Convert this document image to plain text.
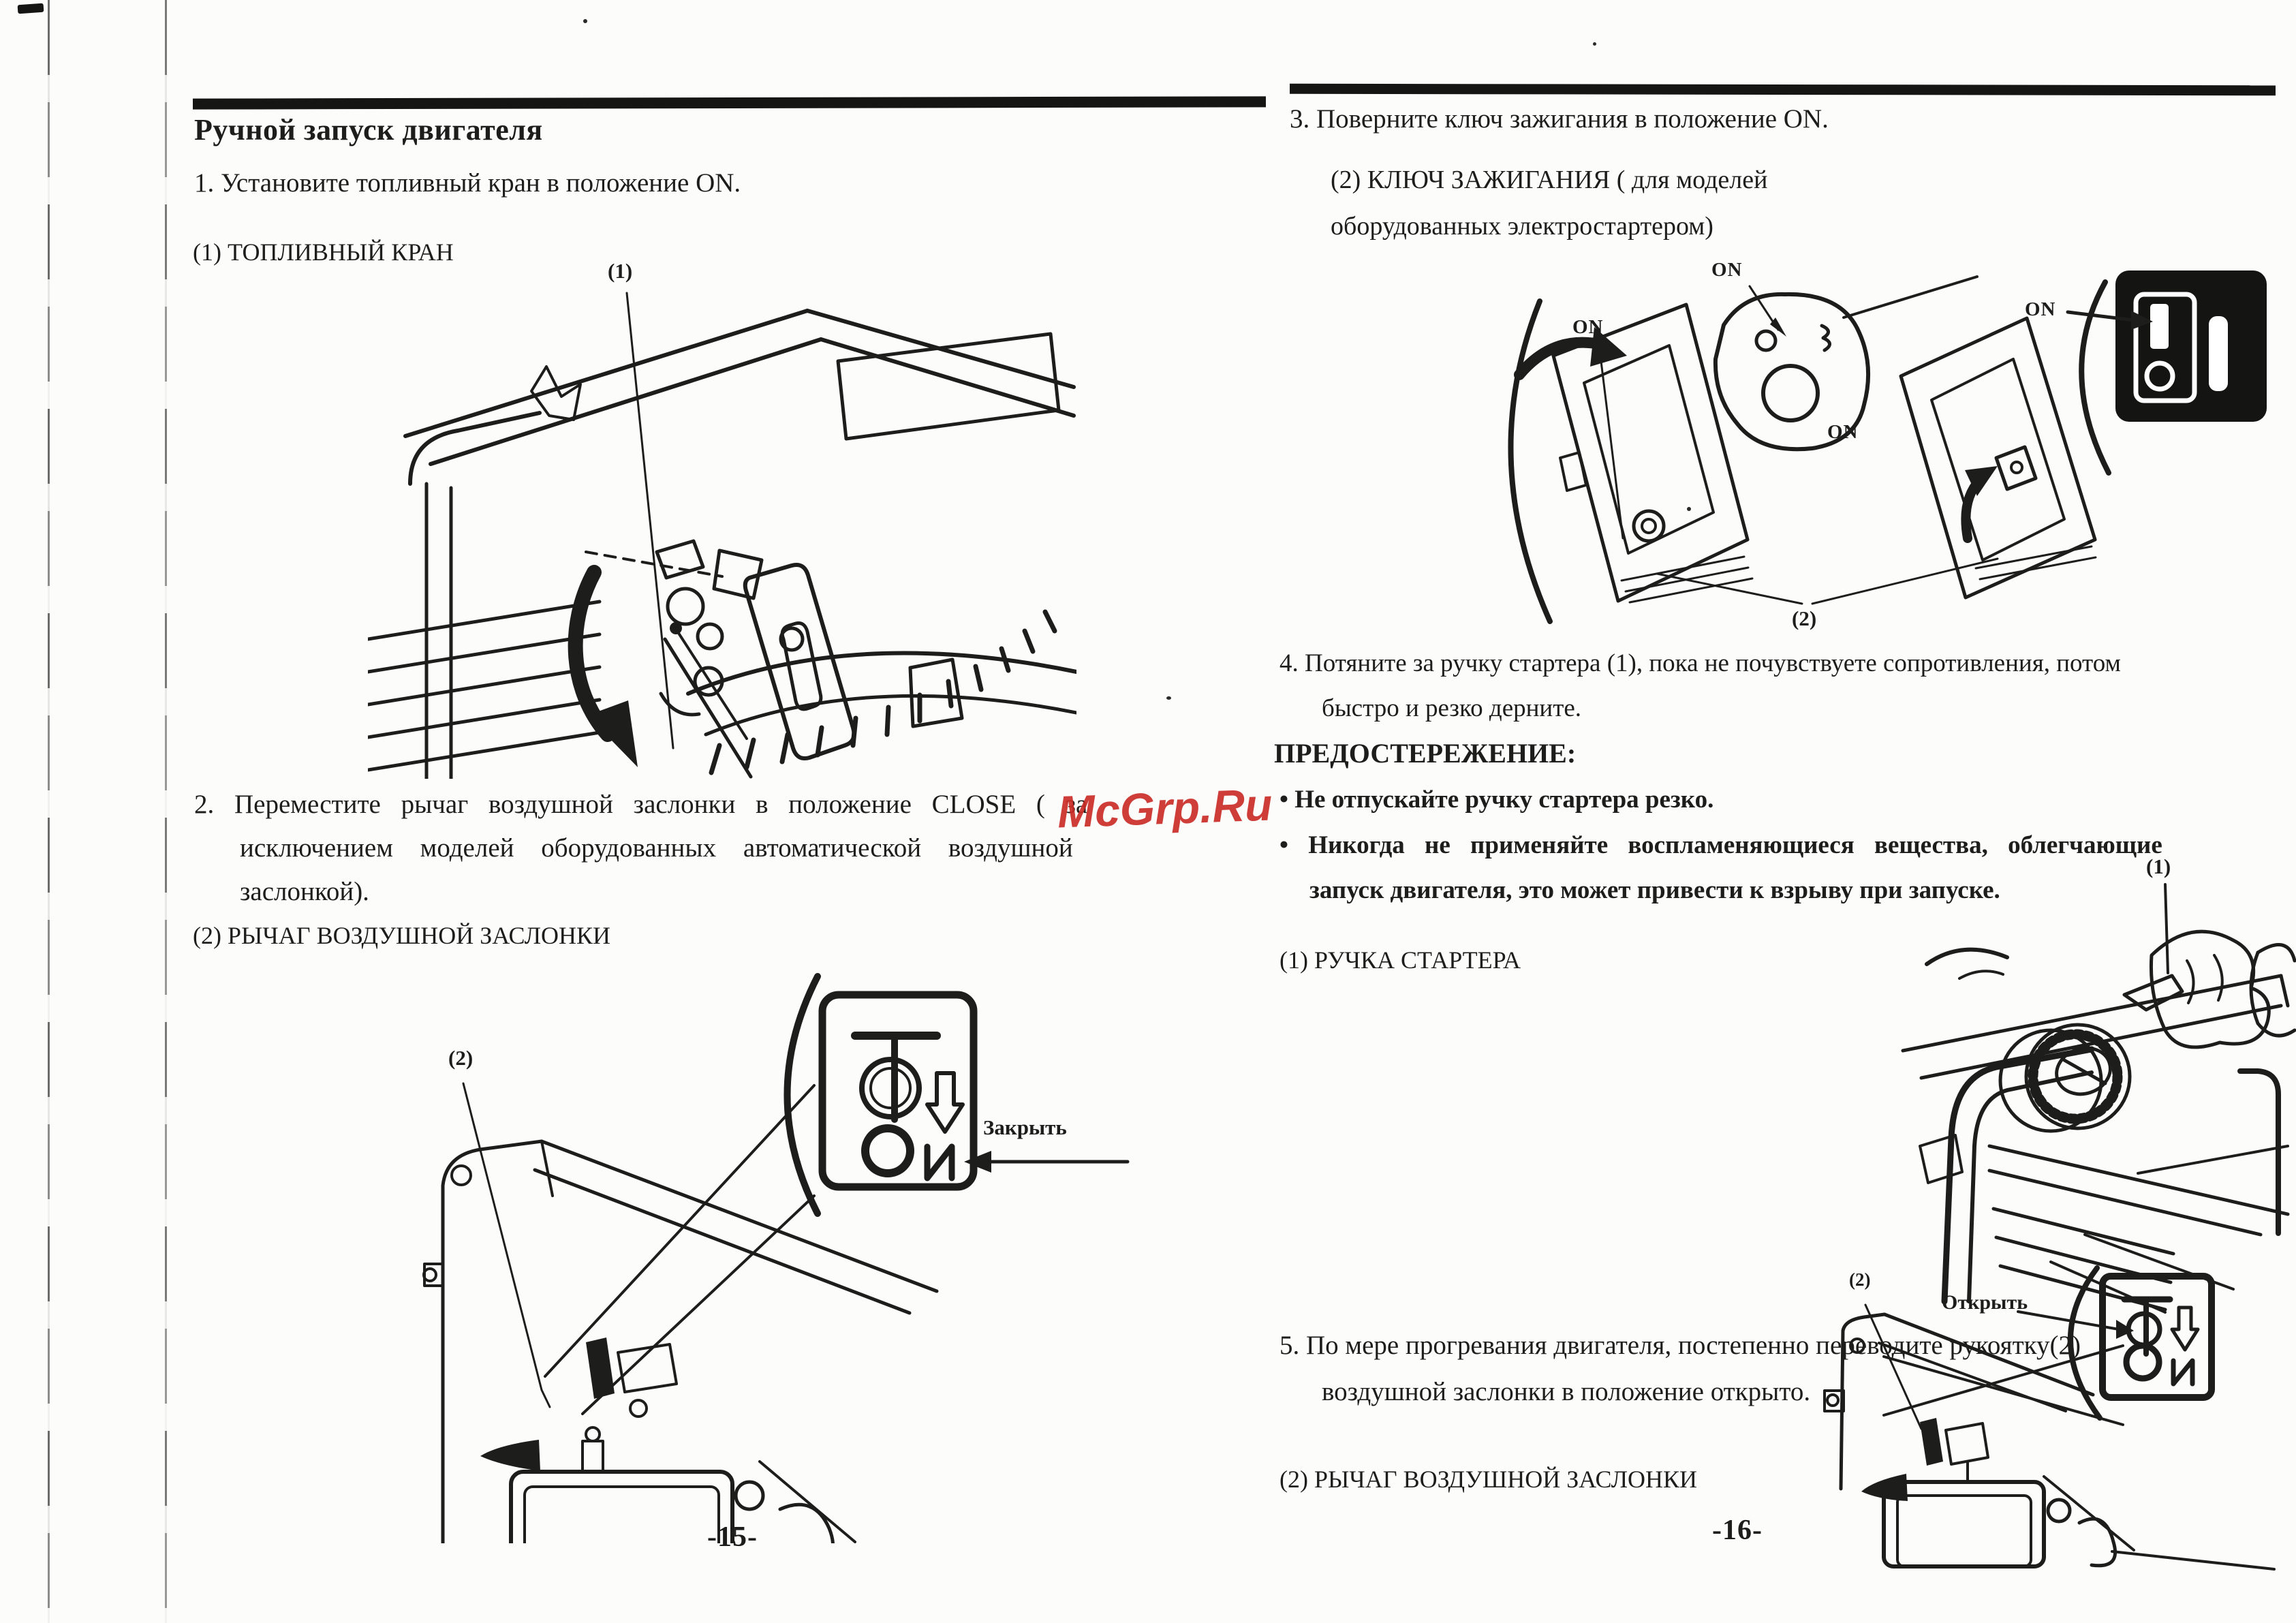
Ручной запуск двигателя
1. Установите топливный кран в положение ON.
(1) ТОПЛИВНЫЙ КРАН
(1)
2. Переместите рычаг воздушной заслонки в положение CLOSE ( за
исключением моделей оборудованных автоматической воздушной
заслонкой).
McGrp.Ru
(2) РЫЧАГ ВОЗДУШНОЙ ЗАСЛОНКИ
(2)
Закрыть
-15-
3. Поверните ключ зажигания в положение ON.
(2) КЛЮЧ ЗАЖИГАНИЯ ( для моделей
оборудованных электростартером)
ON
ON
ON
ON
(2)
4. Потяните за ручку стартера (1), пока не почувствуете сопротивления, потом
быстро и резко дерните.
ПРЕДОСТЕРЕЖЕНИЕ:
• Не отпускайте ручку стартера резко.
• Никогда не применяйте воспламеняющиеся вещества, облегчающие
запуск двигателя, это может привести к взрыву при запуске.
(1) РУЧКА СТАРТЕРА
(1)
5. По мере прогревания двигателя, постепенно переводите рукоятку(2)
воздушной заслонки в положение открыто.
(2) РЫЧАГ ВОЗДУШНОЙ ЗАСЛОНКИ
(2)
Открыть
-16-
